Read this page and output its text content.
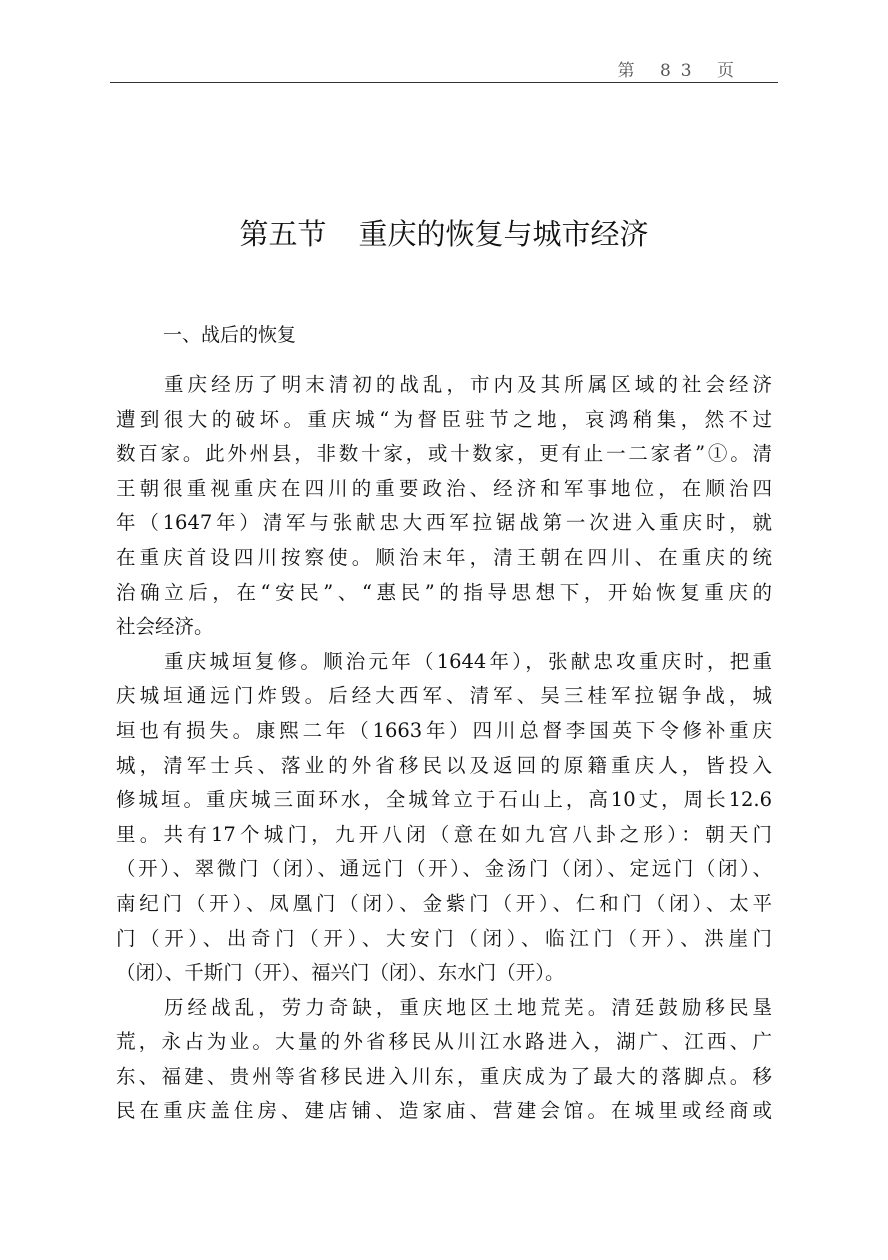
第 83 页
第五节 重庆的恢复与城市经济
一、战后的恢复
重庆经历了明末清初的战乱，市内及其所属区域的社会经济
遭到很大的破坏。重庆城“为督臣驻节之地，哀鸿稍集，然不过
数百家。此外州县，非数十家，或十数家，更有止一二家者”①。清
王朝很重视重庆在四川的重要政治、经济和军事地位，在顺治四
年（1647年）清军与张献忠大西军拉锯战第一次进入重庆时，就
在重庆首设四川按察使。顺治末年，清王朝在四川、在重庆的统
治确立后，在“安民”、“惠民”的指导思想下，开始恢复重庆的
社会经济。
重庆城垣复修。顺治元年（1644年），张献忠攻重庆时，把重
庆城垣通远门炸毁。后经大西军、清军、吴三桂军拉锯争战，城
垣也有损失。康熙二年（1663年）四川总督李国英下令修补重庆
城，清军士兵、落业的外省移民以及返回的原籍重庆人，皆投入
修城垣。重庆城三面环水，全城耸立于石山上，高10丈，周长12.6
里。共有17个城门，九开八闭（意在如九宫八卦之形）：朝天门
（开）、翠微门（闭）、通远门（开）、金汤门（闭）、定远门（闭）、
南纪门（开）、凤凰门（闭）、金紫门（开）、仁和门（闭）、太平
门（开）、出奇门（开）、大安门（闭）、临江门（开）、洪崖门
（闭）、千斯门（开）、福兴门（闭）、东水门（开）。
历经战乱，劳力奇缺，重庆地区土地荒芜。清廷鼓励移民垦
荒，永占为业。大量的外省移民从川江水路进入，湖广、江西、广
东、福建、贵州等省移民进入川东，重庆成为了最大的落脚点。移
民在重庆盖住房、建店铺、造家庙、营建会馆。在城里或经商或
